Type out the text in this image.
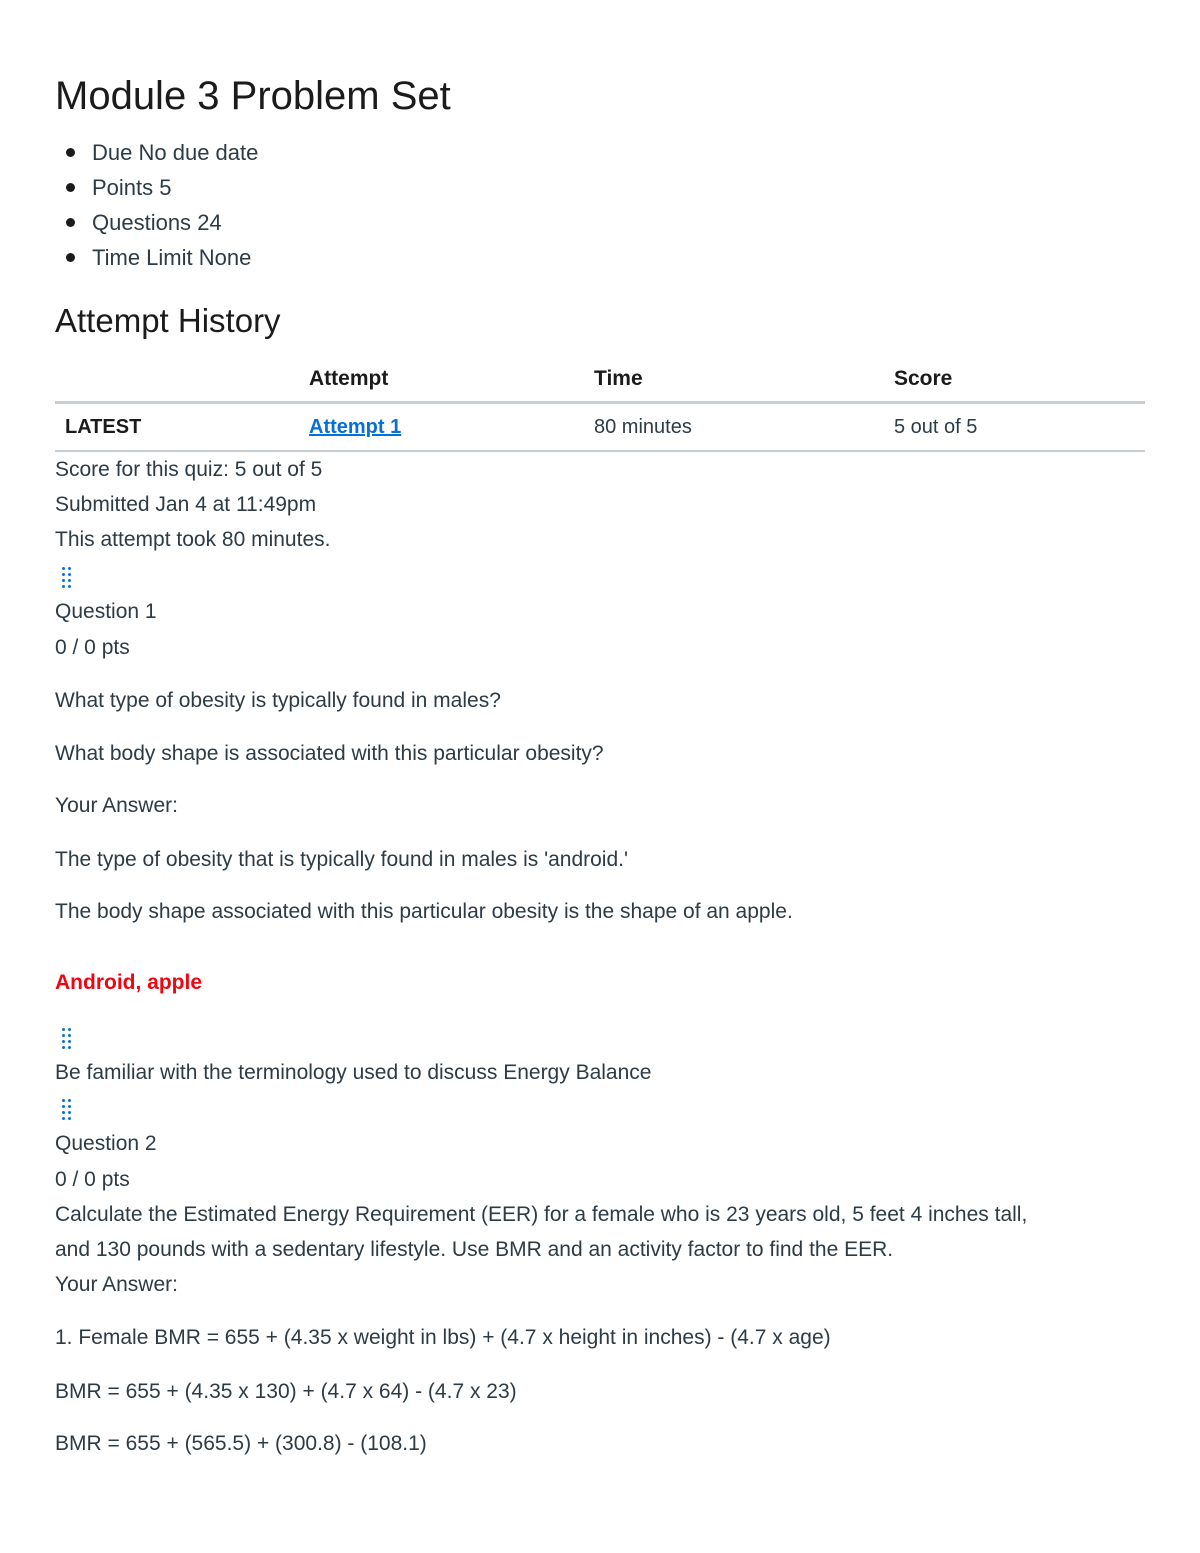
Module 3 Problem Set
Due No due date
Points 5
Questions 24
Time Limit None
Attempt History
	Attempt	Time	Score
LATEST	Attempt 1	80 minutes	5 out of 5
Score for this quiz: 5 out of 5
Submitted Jan 4 at 11:49pm
This attempt took 80 minutes.
Question 1
0 / 0 pts
What type of obesity is typically found in males?
What body shape is associated with this particular obesity?
Your Answer:
The type of obesity that is typically found in males is 'android.'
The body shape associated with this particular obesity is the shape of an apple.
Android, apple
Be familiar with the terminology used to discuss Energy Balance
Question 2
0 / 0 pts
Calculate the Estimated Energy Requirement (EER) for a female who is 23 years old, 5 feet 4 inches tall,
and 130 pounds with a sedentary lifestyle. Use BMR and an activity factor to find the EER.
Your Answer:
1. Female BMR = 655 + (4.35 x weight in lbs) + (4.7 x height in inches) - (4.7 x age)
BMR = 655 + (4.35 x 130) + (4.7 x 64) - (4.7 x 23)
BMR = 655 + (565.5) + (300.8) - (108.1)
